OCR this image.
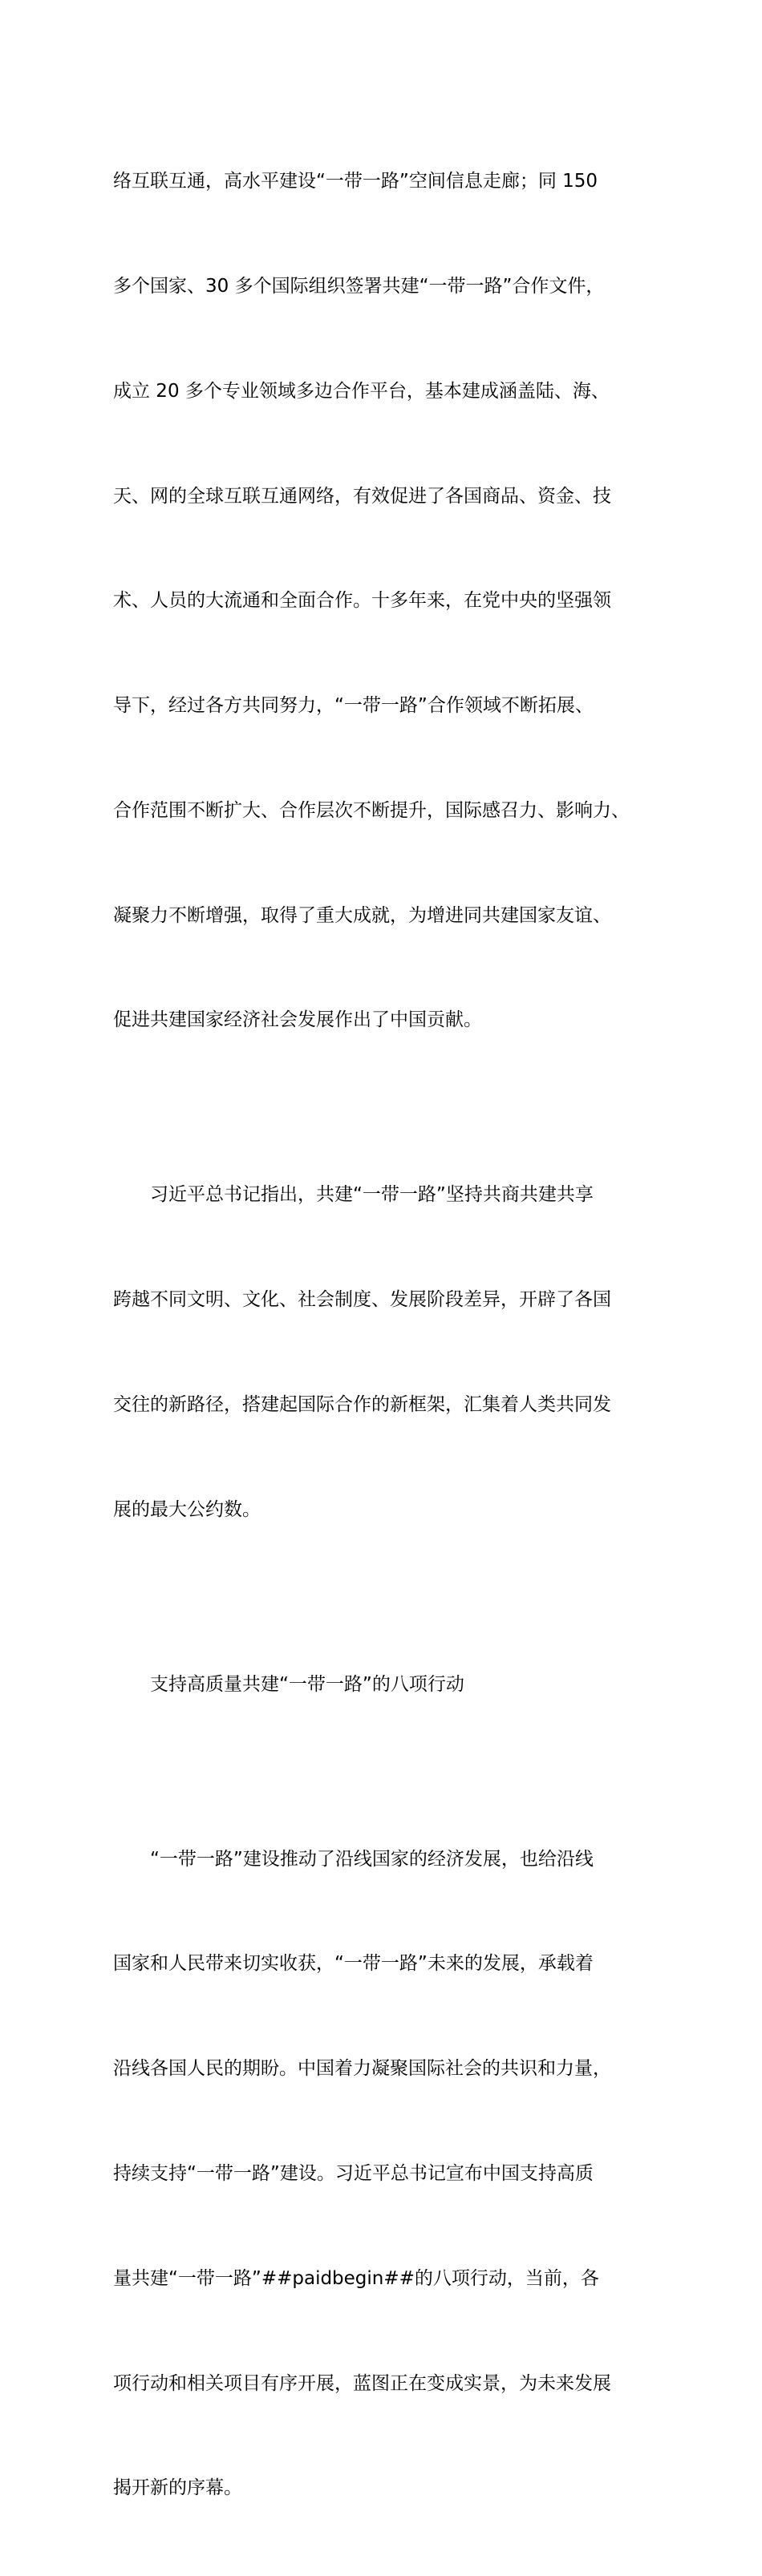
络互联互通，高水平建设“一带一路”空间信息走廊；同 150

多个国家、30 多个国际组织签署共建“一带一路”合作文件，

成立 20 多个专业领域多边合作平台，基本建成涵盖陆、海、

天、网的全球互联互通网络，有效促进了各国商品、资金、技

术、人员的大流通和全面合作。十多年来，在党中央的坚强领

导下，经过各方共同努力，“一带一路”合作领域不断拓展、

合作范围不断扩大、合作层次不断提升，国际感召力、影响力、

凝聚力不断增强，取得了重大成就，为增进同共建国家友谊、

促进共建国家经济社会发展作出了中国贡献。

　　习近平总书记指出，共建“一带一路”坚持共商共建共享

跨越不同文明、文化、社会制度、发展阶段差异，开辟了各国

交往的新路径，搭建起国际合作的新框架，汇集着人类共同发

展的最大公约数。

　　支持高质量共建“一带一路”的八项行动

　　“一带一路”建设推动了沿线国家的经济发展，也给沿线

国家和人民带来切实收获，“一带一路”未来的发展，承载着

沿线各国人民的期盼。中国着力凝聚国际社会的共识和力量，

持续支持“一带一路”建设。习近平总书记宣布中国支持高质

量共建“一带一路”##paidbegin##的八项行动，当前，各

项行动和相关项目有序开展，蓝图正在变成实景，为未来发展

揭开新的序幕。
